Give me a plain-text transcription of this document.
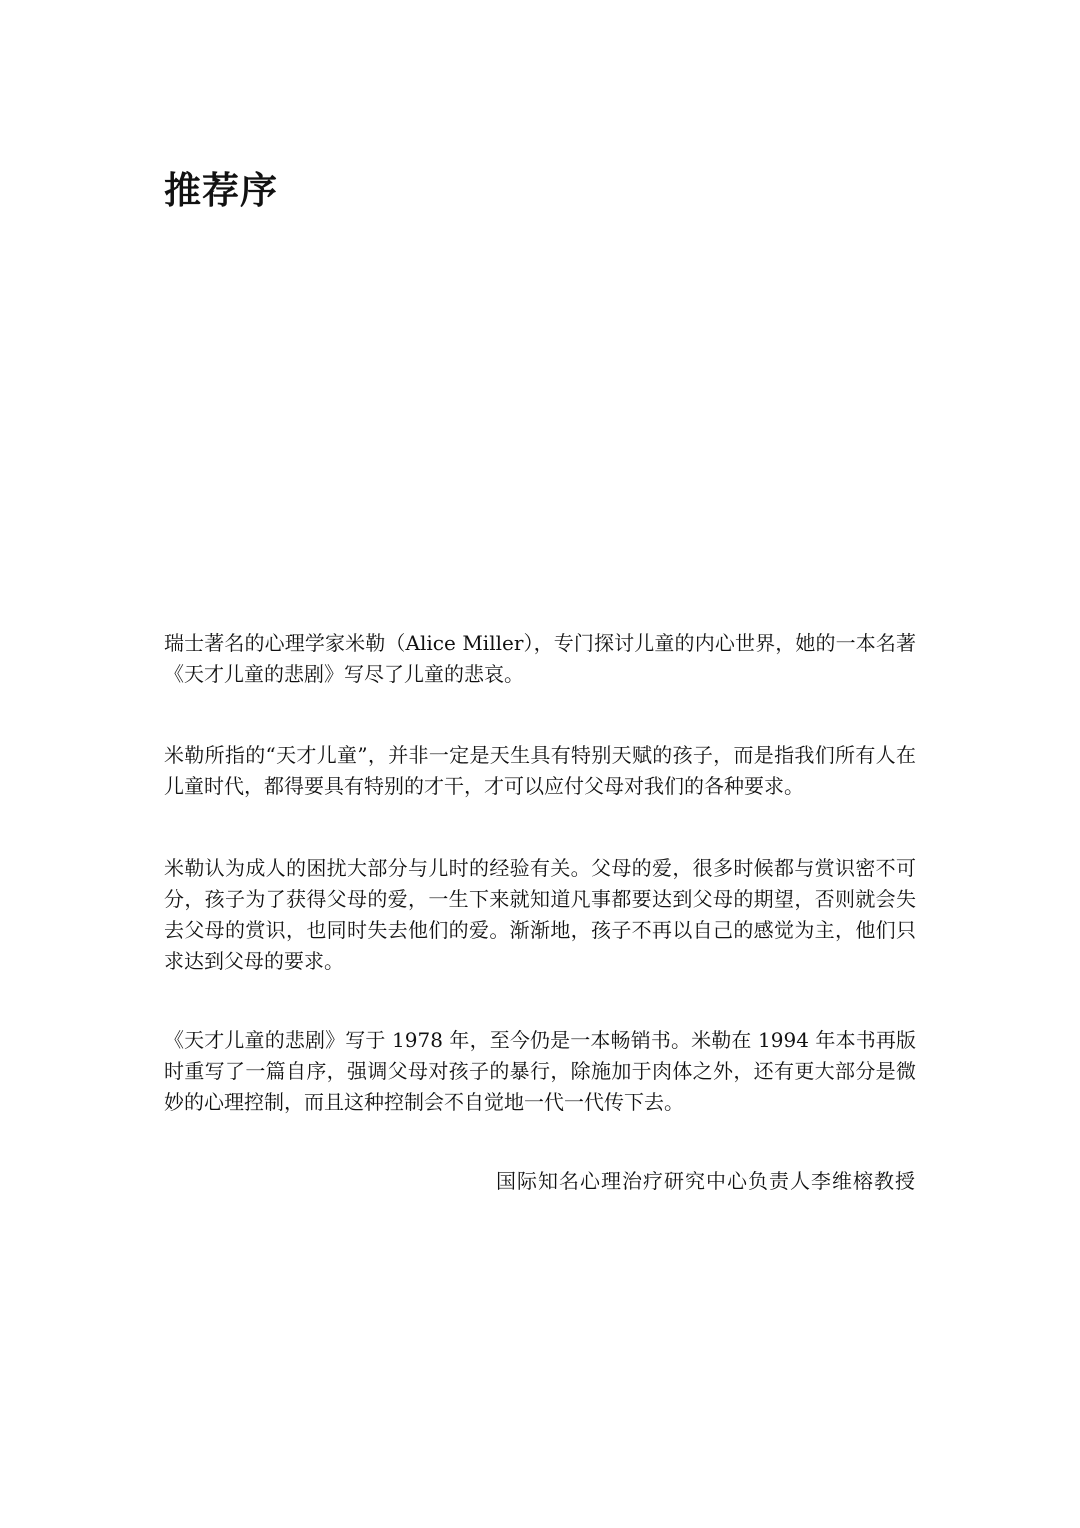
推荐序

瑞士著名的心理学家米勒（Alice Miller），专门探讨儿童的内心世界，她的一本名著《天才儿童的悲剧》写尽了儿童的悲哀。

米勒所指的“天才儿童”，并非一定是天生具有特别天赋的孩子，而是指我们所有人在儿童时代，都得要具有特别的才干，才可以应付父母对我们的各种要求。

米勒认为成人的困扰大部分与儿时的经验有关。父母的爱，很多时候都与赏识密不可分，孩子为了获得父母的爱，一生下来就知道凡事都要达到父母的期望，否则就会失去父母的赏识，也同时失去他们的爱。渐渐地，孩子不再以自己的感觉为主，他们只求达到父母的要求。

《天才儿童的悲剧》写于 1978 年，至今仍是一本畅销书。米勒在 1994 年本书再版时重写了一篇自序，强调父母对孩子的暴行，除施加于肉体之外，还有更大部分是微妙的心理控制，而且这种控制会不自觉地一代一代传下去。

国际知名心理治疗研究中心负责人李维榕教授
